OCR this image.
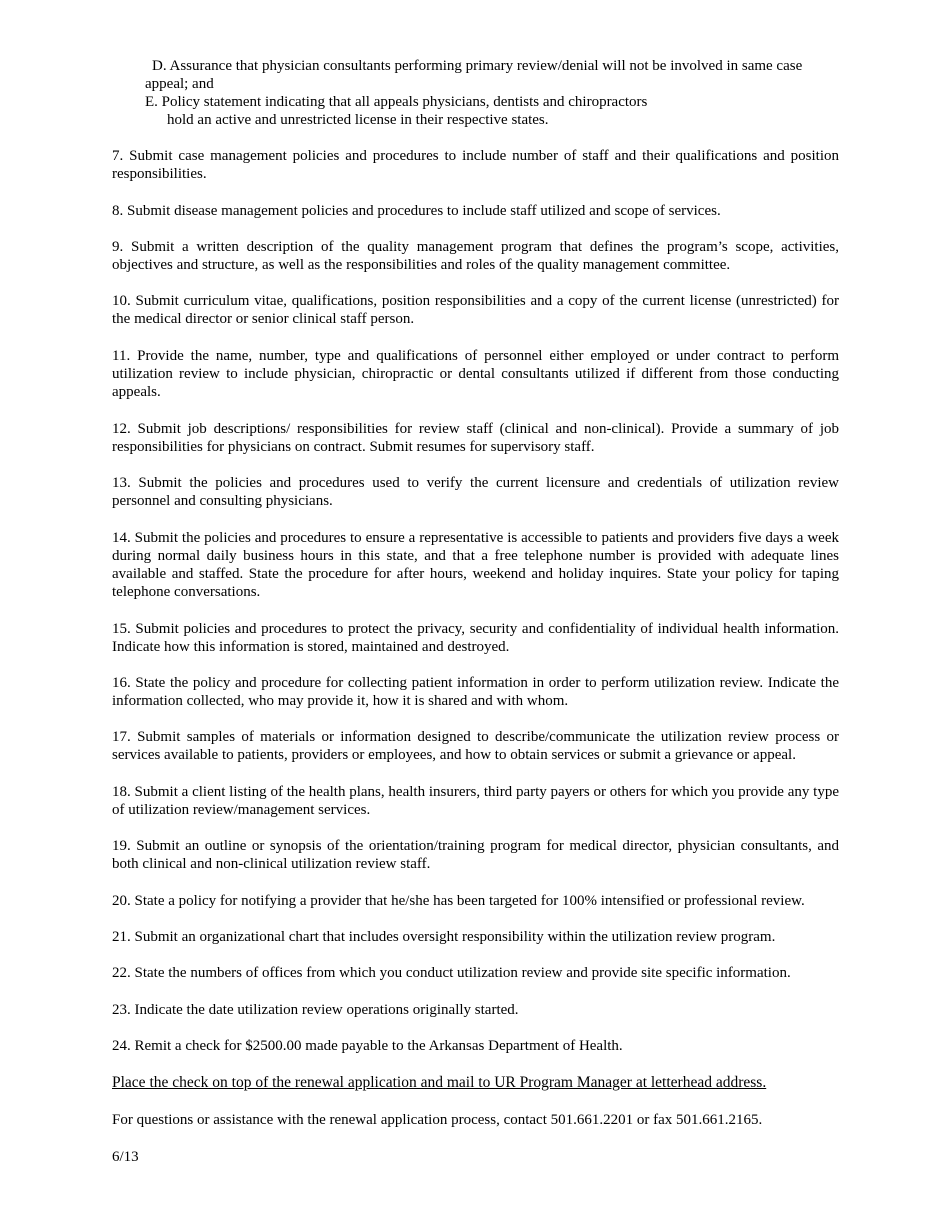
D. Assurance that physician consultants performing primary review/denial will not be involved in same case

appeal; and

E. Policy statement indicating that all appeals physicians, dentists and chiropractors

hold an active and unrestricted license in their respective states.

7. Submit case management policies and procedures to include number of staff and their qualifications and position responsibilities.

8. Submit disease management policies and procedures to include staff utilized and scope of services.

9. Submit a written description of the quality management program that defines the program’s scope, activities, objectives and structure, as well as the responsibilities and roles of the quality management committee.

10. Submit curriculum vitae, qualifications, position responsibilities and a copy of the current license (unrestricted) for the medical director or senior clinical staff person.

11. Provide the name, number, type and qualifications of personnel either employed or under contract to perform utilization review to include physician, chiropractic or dental consultants utilized if different from those conducting appeals.

12. Submit job descriptions/ responsibilities for review staff (clinical and non-clinical). Provide a summary of job responsibilities for physicians on contract. Submit resumes for supervisory staff.

13. Submit the policies and procedures used to verify the current licensure and credentials of utilization review personnel and consulting physicians.

14. Submit the policies and procedures to ensure a representative is accessible to patients and providers five days a week during normal daily business hours in this state, and that a free telephone number is provided with adequate lines available and staffed. State the procedure for after hours, weekend and holiday inquires. State your policy for taping telephone conversations.

15. Submit policies and procedures to protect the privacy, security and confidentiality of individual health information. Indicate how this information is stored, maintained and destroyed.

16. State the policy and procedure for collecting patient information in order to perform utilization review. Indicate the information collected, who may provide it, how it is shared and with whom.

17. Submit samples of materials or information designed to describe/communicate the utilization review process or services available to patients, providers or employees, and how to obtain services or submit a grievance or appeal.

18. Submit a client listing of the health plans, health insurers, third party payers or others for which you provide any type of utilization review/management services.

19. Submit an outline or synopsis of the orientation/training program for medical director, physician consultants, and both clinical and non-clinical utilization review staff.

20. State a policy for notifying a provider that he/she has been targeted for 100% intensified or professional review.

21. Submit an organizational chart that includes oversight responsibility within the utilization review program.

22. State the numbers of offices from which you conduct utilization review and provide site specific information.

23. Indicate the date utilization review operations originally started.

24. Remit a check for $2500.00 made payable to the Arkansas Department of Health.

Place the check on top of the renewal application and mail to UR Program Manager at letterhead address.

For questions or assistance with the renewal application process, contact 501.661.2201 or fax 501.661.2165.

6/13
